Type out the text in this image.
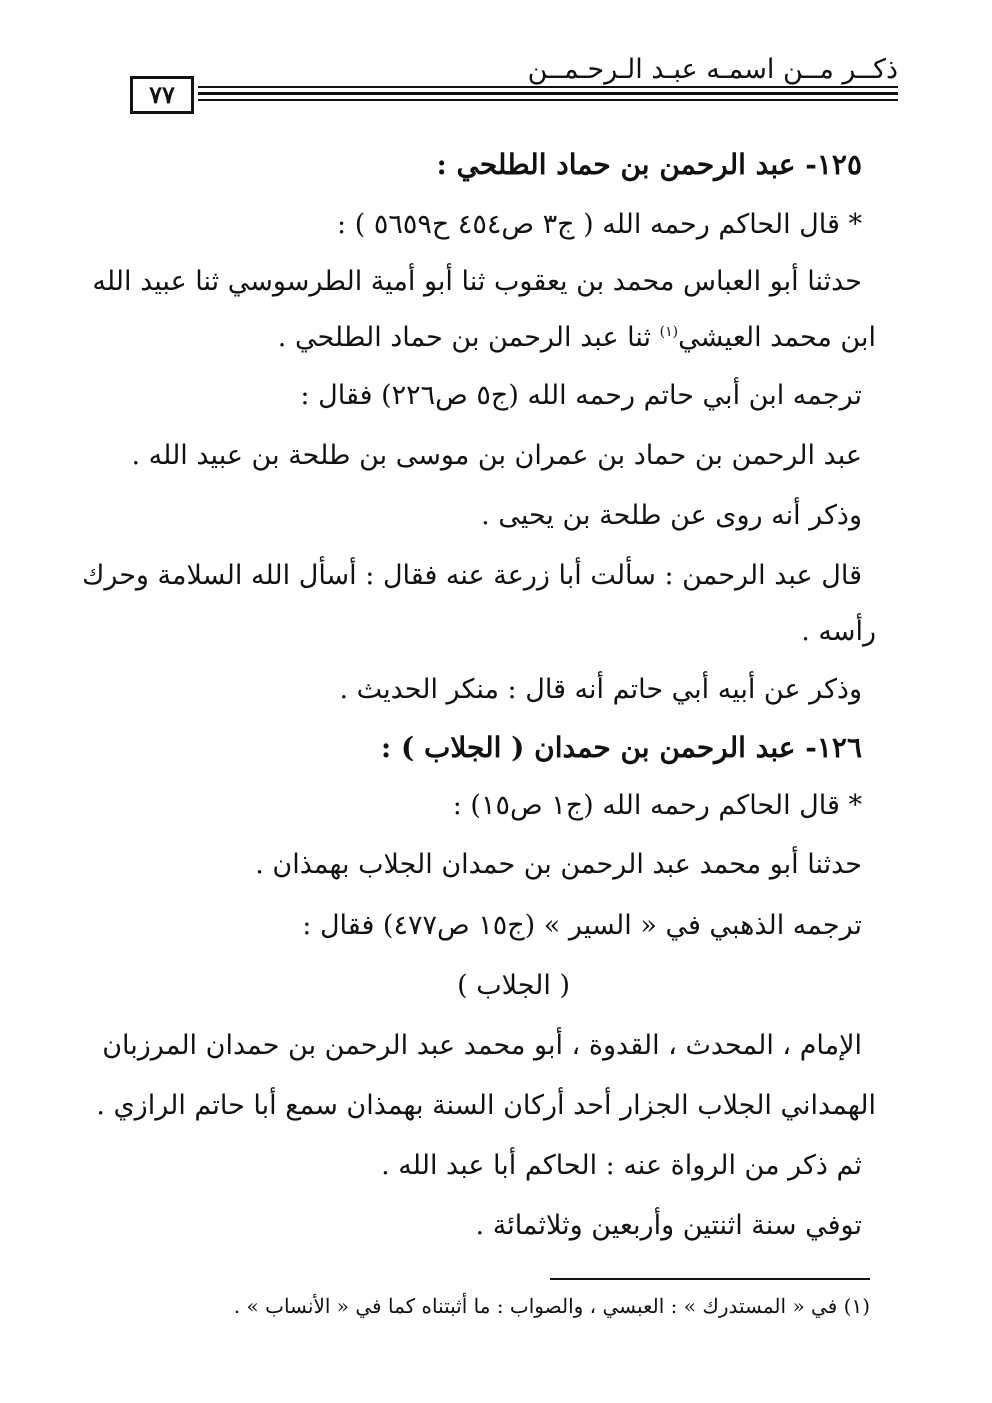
ذكــر مــن اسمـه عبـد الـرحـمــن
٧٧
١٢٥- عبد الرحمن بن حماد الطلحي :
* قال الحاكم رحمه الله ( ج٣ ص٤٥٤ ح٥٦٥٩ ) :
حدثنا أبو العباس محمد بن يعقوب ثنا أبو أمية الطرسوسي ثنا عبيد الله
ابن محمد العيشي$^{(١)}$ ثنا عبد الرحمن بن حماد الطلحي .
ترجمه ابن أبي حاتم رحمه الله (ج٥ ص٢٢٦) فقال :
عبد الرحمن بن حماد بن عمران بن موسى بن طلحة بن عبيد الله .
وذكر أنه روى عن طلحة بن يحيى .
قال عبد الرحمن : سألت أبا زرعة عنه فقال : أسأل الله السلامة وحرك
رأسه .
وذكر عن أبيه أبي حاتم أنه قال : منكر الحديث .
١٢٦- عبد الرحمن بن حمدان ( الجلاب ) :
* قال الحاكم رحمه الله (ج١ ص١٥) :
حدثنا أبو محمد عبد الرحمن بن حمدان الجلاب بهمذان .
ترجمه الذهبي في « السير » (ج١٥ ص٤٧٧) فقال :
( الجلاب )
الإمام ، المحدث ، القدوة ، أبو محمد عبد الرحمن بن حمدان المرزبان
الهمداني الجلاب الجزار أحد أركان السنة بهمذان سمع أبا حاتم الرازي .
ثم ذكر من الرواة عنه : الحاكم أبا عبد الله .
توفي سنة اثنتين وأربعين وثلاثمائة .
(١) في « المستدرك » : العبسي ، والصواب : ما أثبتناه كما في « الأنساب » .
